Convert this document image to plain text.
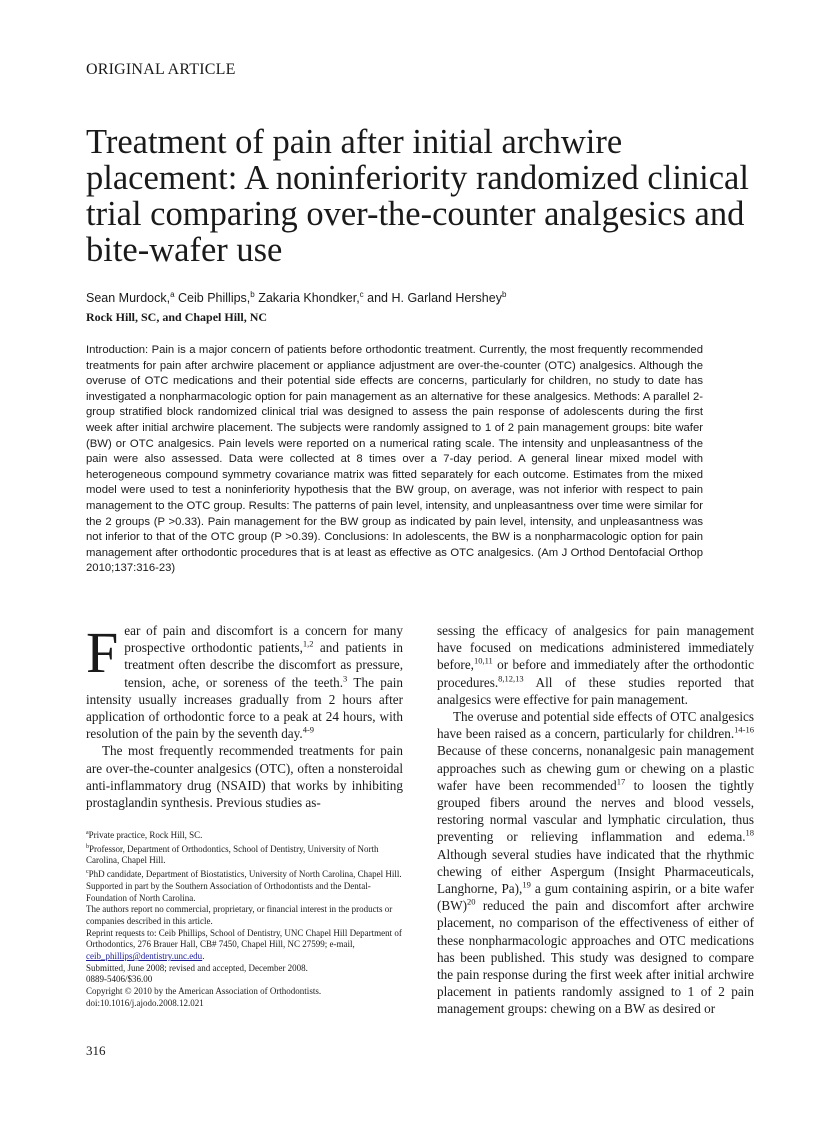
ORIGINAL ARTICLE
Treatment of pain after initial archwire placement: A noninferiority randomized clinical trial comparing over-the-counter analgesics and bite-wafer use
Sean Murdock,$^a$ Ceib Phillips,$^b$ Zakaria Khondker,$^c$ and H. Garland Hershey$^b$
Rock Hill, SC, and Chapel Hill, NC

Introduction: Pain is a major concern of patients before orthodontic treatment. Currently, the most frequently recommended treatments for pain after archwire placement or appliance adjustment are over-the-counter (OTC) analgesics. Although the overuse of OTC medications and their potential side effects are concerns, particularly for children, no study to date has investigated a nonpharmacologic option for pain management as an alternative for these analgesics. Methods: A parallel 2-group stratified block randomized clinical trial was designed to assess the pain response of adolescents during the first week after initial archwire placement. The subjects were randomly assigned to 1 of 2 pain management groups: bite wafer (BW) or OTC analgesics. Pain levels were reported on a numerical rating scale. The intensity and unpleasantness of the pain were also assessed. Data were collected at 8 times over a 7-day period. A general linear mixed model with heterogeneous compound symmetry covariance matrix was fitted separately for each outcome. Estimates from the mixed model were used to test a noninferiority hypothesis that the BW group, on average, was not inferior with respect to pain management to the OTC group. Results: The patterns of pain level, intensity, and unpleasantness over time were similar for the 2 groups (P >0.33). Pain management for the BW group as indicated by pain level, intensity, and unpleasantness was not inferior to that of the OTC group (P >0.39). Conclusions: In adolescents, the BW is a nonpharmacologic option for pain management after orthodontic procedures that is at least as effective as OTC analgesics. (Am J Orthod Dentofacial Orthop 2010;137:316-23)

Fear of pain and discomfort is a concern for many prospective orthodontic patients,$^{1,2}$ and patients in treatment often describe the discomfort as pressure, tension, ache, or soreness of the teeth.$^3$ The pain intensity usually increases gradually from 2 hours after application of orthodontic force to a peak at 24 hours, with resolution of the pain by the seventh day.$^{4-9}$

The most frequently recommended treatments for pain are over-the-counter analgesics (OTC), often a nonsteroidal anti-inflammatory drug (NSAID) that works by inhibiting prostaglandin synthesis. Previous studies as-

$^a$Private practice, Rock Hill, SC.

$^b$Professor, Department of Orthodontics, School of Dentistry, University of North Carolina, Chapel Hill.

$^c$PhD candidate, Department of Biostatistics, University of North Carolina, Chapel Hill.

Supported in part by the Southern Association of Orthodontists and the Dental-Foundation of North Carolina.

The authors report no commercial, proprietary, or financial interest in the products or companies described in this article.

Reprint requests to: Ceib Phillips, School of Dentistry, UNC Chapel Hill Department of Orthodontics, 276 Brauer Hall, CB# 7450, Chapel Hill, NC 27599; e-mail, ceib_phillips@dentistry.unc.edu.

Submitted, June 2008; revised and accepted, December 2008.

0889-5406/$36.00

Copyright © 2010 by the American Association of Orthodontists.

doi:10.1016/j.ajodo.2008.12.021

sessing the efficacy of analgesics for pain management have focused on medications administered immediately before,$^{10,11}$ or before and immediately after the orthodontic procedures.$^{8,12,13}$ All of these studies reported that analgesics were effective for pain management.

The overuse and potential side effects of OTC analgesics have been raised as a concern, particularly for children.$^{14-16}$ Because of these concerns, nonanalgesic pain management approaches such as chewing gum or chewing on a plastic wafer have been recommended$^{17}$ to loosen the tightly grouped fibers around the nerves and blood vessels, restoring normal vascular and lymphatic circulation, thus preventing or relieving inflammation and edema.$^{18}$ Although several studies have indicated that the rhythmic chewing of either Aspergum (Insight Pharmaceuticals, Langhorne, Pa),$^{19}$ a gum containing aspirin, or a bite wafer (BW)$^{20}$ reduced the pain and discomfort after archwire placement, no comparison of the effectiveness of either of these nonpharmacologic approaches and OTC medications has been published. This study was designed to compare the pain response during the first week after initial archwire placement in patients randomly assigned to 1 of 2 pain management groups: chewing on a BW as desired or

316
